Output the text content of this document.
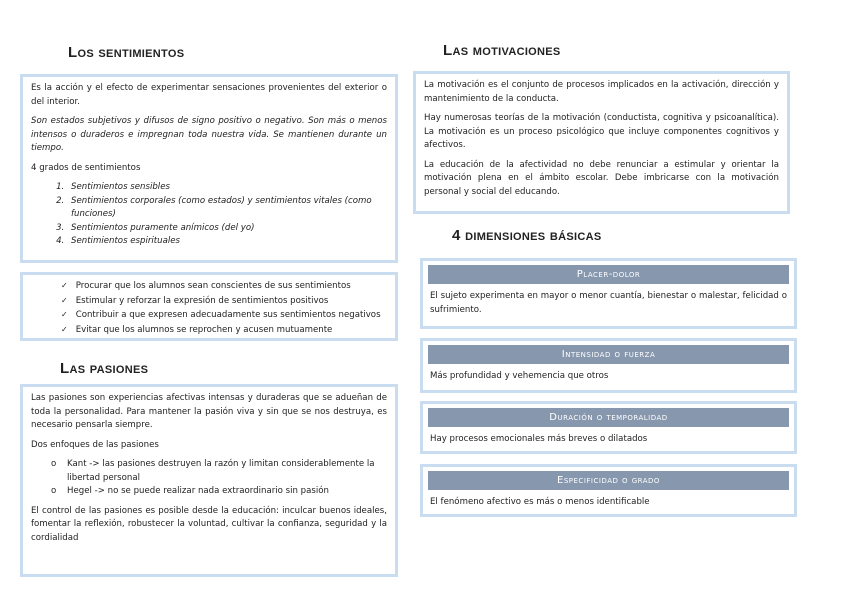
Los sentimientos

Es la acción y el efecto de experimentar sensaciones provenientes del exterior o del interior.

Son estados subjetivos y difusos de signo positivo o negativo. Son más o menos intensos o duraderos e impregnan toda nuestra vida. Se mantienen durante un tiempo.

4 grados de sentimientos

1. Sentimientos sensibles
2. Sentimientos corporales (como estados) y sentimientos vitales (como funciones)
3. Sentimientos puramente anímicos (del yo)
4. Sentimientos espirituales
✓ Procurar que los alumnos sean conscientes de sus sentimientos
✓ Estimular y reforzar la expresión de sentimientos positivos
✓ Contribuir a que expresen adecuadamente sus sentimientos negativos
✓ Evitar que los alumnos se reprochen y acusen mutuamente
Las pasiones

Las pasiones son experiencias afectivas intensas y duraderas que se adueñan de toda la personalidad. Para mantener la pasión viva y sin que se nos destruya, es necesario pensarla siempre.

Dos enfoques de las pasiones

o Kant -> las pasiones destruyen la razón y limitan considerablemente la libertad personal
o Hegel -> no se puede realizar nada extraordinario sin pasión

El control de las pasiones es posible desde la educación: inculcar buenos ideales, fomentar la reflexión, robustecer la voluntad, cultivar la confianza, seguridad y la cordialidad

Las motivaciones

La motivación es el conjunto de procesos implicados en la activación, dirección y mantenimiento de la conducta.

Hay numerosas teorías de la motivación (conductista, cognitiva y psicoanalítica). La motivación es un proceso psicológico que incluye componentes cognitivos y afectivos.

La educación de la afectividad no debe renunciar a estimular y orientar la motivación plena en el ámbito escolar. Debe imbricarse con la motivación personal y social del educando.

4 dimensiones básicas
Placer-dolor
El sujeto experimenta en mayor o menor cuantía, bienestar o malestar, felicidad o sufrimiento.
Intensidad o fuerza
Más profundidad y vehemencia que otros
Duración o temporalidad
Hay procesos emocionales más breves o dilatados
Especificidad o grado
El fenómeno afectivo es más o menos identificable
